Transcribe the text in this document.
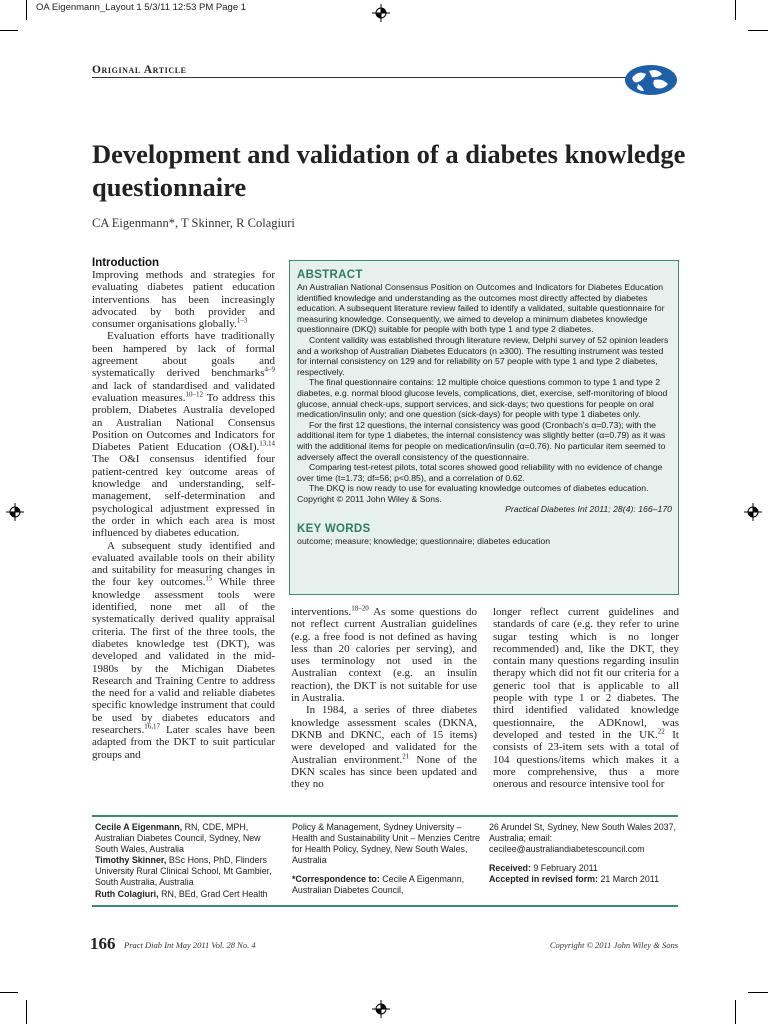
OA Eigenmann_Layout 1 5/3/11 12:53 PM Page 1
Original Article
Development and validation of a diabetes knowledge questionnaire
CA Eigenmann*, T Skinner, R Colagiuri
Introduction

Improving methods and strategies for evaluating diabetes patient education interventions has been increasingly advocated by both provider and consumer organisations globally.$^{1-3}$

Evaluation efforts have traditionally been hampered by lack of formal agreement about goals and systematically derived benchmarks$^{4-9}$ and lack of standardised and validated evaluation measures.$^{10-12}$ To address this problem, Diabetes Australia developed an Australian National Consensus Position on Outcomes and Indicators for Diabetes Patient Education (O&I).$^{13,14}$ The O&I consensus identified four patient-centred key outcome areas of knowledge and understanding, self-management, self-determination and psychological adjustment expressed in the order in which each area is most influenced by diabetes education.

A subsequent study identified and evaluated available tools on their ability and suitability for measuring changes in the four key outcomes.$^{15}$ While three knowledge assessment tools were identified, none met all of the systematically derived quality appraisal criteria. The first of the three tools, the diabetes knowledge test (DKT), was developed and validated in the mid-1980s by the Michigan Diabetes Research and Training Centre to address the need for a valid and reliable diabetes specific knowledge instrument that could be used by diabetes educators and researchers.$^{16,17}$ Later scales have been adapted from the DKT to suit particular groups and

ABSTRACT

An Australian National Consensus Position on Outcomes and Indicators for Diabetes Education identified knowledge and understanding as the outcomes most directly affected by diabetes education. A subsequent literature review failed to identify a validated, suitable questionnaire for measuring knowledge. Consequently, we aimed to develop a minimum diabetes knowledge questionnaire (DKQ) suitable for people with both type 1 and type 2 diabetes.

Content validity was established through literature review, Delphi survey of 52 opinion leaders and a workshop of Australian Diabetes Educators (n ≥300). The resulting instrument was tested for internal consistency on 129 and for reliability on 57 people with type 1 and type 2 diabetes, respectively.

The final questionnaire contains: 12 multiple choice questions common to type 1 and type 2 diabetes, e.g. normal blood glucose levels, complications, diet, exercise, self-monitoring of blood glucose, annual check-ups, support services, and sick-days; two questions for people on oral medication/insulin only; and one question (sick-days) for people with type 1 diabetes only.

For the first 12 questions, the internal consistency was good (Cronbach’s α=0.73); with the additional item for type 1 diabetes, the internal consistency was slightly better (α=0.79) as it was with the additional items for people on medication/insulin (α=0.76). No particular item seemed to adversely affect the overall consistency of the questionnaire.

Comparing test-retest pilots, total scores showed good reliability with no evidence of change over time (t=1.73; df=56; p<0.85), and a correlation of 0.62.

The DKQ is now ready to use for evaluating knowledge outcomes of diabetes education. Copyright © 2011 John Wiley & Sons.

Practical Diabetes Int 2011; 28(4): 166–170

KEY WORDS

outcome; measure; knowledge; questionnaire; diabetes education

interventions.$^{18-20}$ As some questions do not reflect current Australian guidelines (e.g. a free food is not defined as having less than 20 calories per serving), and uses terminology not used in the Australian context (e.g. an insulin reaction), the DKT is not suitable for use in Australia.

In 1984, a series of three diabetes knowledge assessment scales (DKNA, DKNB and DKNC, each of 15 items) were developed and validated for the Australian environment.$^{21}$ None of the DKN scales has since been updated and they no

longer reflect current guidelines and standards of care (e.g. they refer to urine sugar testing which is no longer recommended) and, like the DKT, they contain many questions regarding insulin therapy which did not fit our criteria for a generic tool that is applicable to all people with type 1 or 2 diabetes. The third identified validated knowledge questionnaire, the ADKnowl, was developed and tested in the UK.$^{22}$ It consists of 23-item sets with a total of 104 questions/items which makes it a more comprehensive, thus a more onerous and resource intensive tool for

Cecile A Eigenmann, RN, CDE, MPH, Australian Diabetes Council, Sydney, New South Wales, Australia
Timothy Skinner, BSc Hons, PhD, Flinders University Rural Clinical School, Mt Gambier, South Australia, Australia
Ruth Colagiuri, RN, BEd, Grad Cert Health
Policy & Management, Sydney University – Health and Sustainability Unit – Menzies Centre for Health Policy, Sydney, New South Wales, Australia

*Correspondence to: Cecile A Eigenmann, Australian Diabetes Council,
26 Arundel St, Sydney, New South Wales 2037, Australia; email: cecilee@australiandiabetescouncil.com

Received: 9 February 2011
Accepted in revised form: 21 March 2011
166 Pract Diab Int May 2011 Vol. 28 No. 4	Copyright © 2011 John Wiley & Sons
